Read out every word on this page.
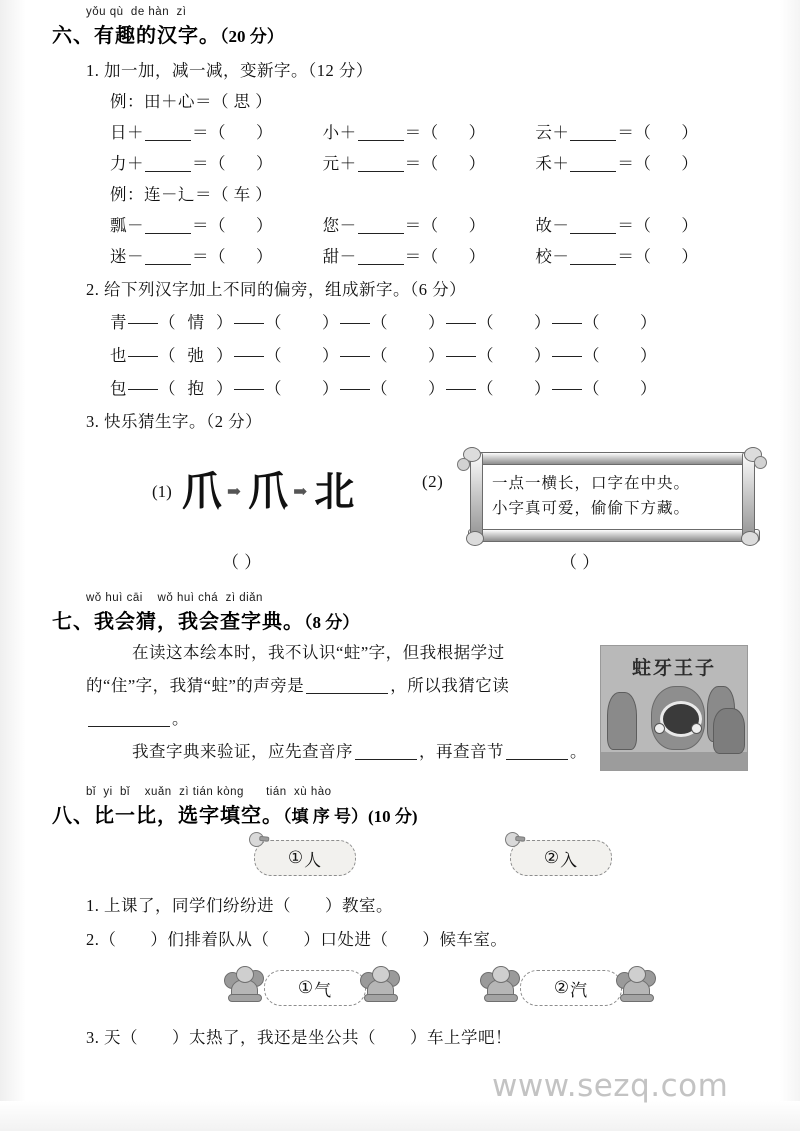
www.sezq.com
yǒu qù  de hàn  zì
六、有趣的汉字。（20 分）
1. 加一加，减一减，变新字。（12 分）
例：田＋心＝（ 思 ）
日＋	＝（ ）	小＋	＝（ ）	云＋	＝（ ）
力＋	＝（ ）	元＋	＝（ ）	禾＋	＝（ ）
例：连－辶＝（ 车 ）
瓢－	＝（ ）	您－	＝（ ）	故－	＝（ ）
迷－	＝（ ）	甜－	＝（ ）	校－	＝（ ）
2. 给下列汉字加上不同的偏旁，组成新字。（6 分）
青 （ 情 ） （ ） （ ） （ ） （ ）
也 （ 弛 ） （ ） （ ） （ ） （ ）
包 （ 抱 ） （ ） （ ） （ ） （ ）
3. 快乐猜生字。（2 分）
(1) 爪 ➡ 爪 ➡ 北
（ ）
(2)	一点一横长，口字在中央。
小字真可爱，偷偷下方藏。
（ ）
wǒ huì cāi    wǒ huì chá  zì diǎn
七、我会猜，我会查字典。（8 分）
在读这本绘本时，我不认识“蛀”字，但我根据学过
的“住”字，我猜“蛀”的声旁是	，所以我猜它读
。
我查字典来验证，应先查音序	，再查音节	。
bǐ  yi  bǐ    xuǎn  zì tián kòng      tián  xù hào
八、比一比，选字填空。（填 序 号）(10 分)
① 人	② 入
1. 上课了，同学们纷纷进（ ）教室。
2.（ ）们排着队从（ ）口处进（ ）候车室。
① 气	② 汽
3. 天（ ）太热了，我还是坐公共（ ）车上学吧！
蛀牙王子
